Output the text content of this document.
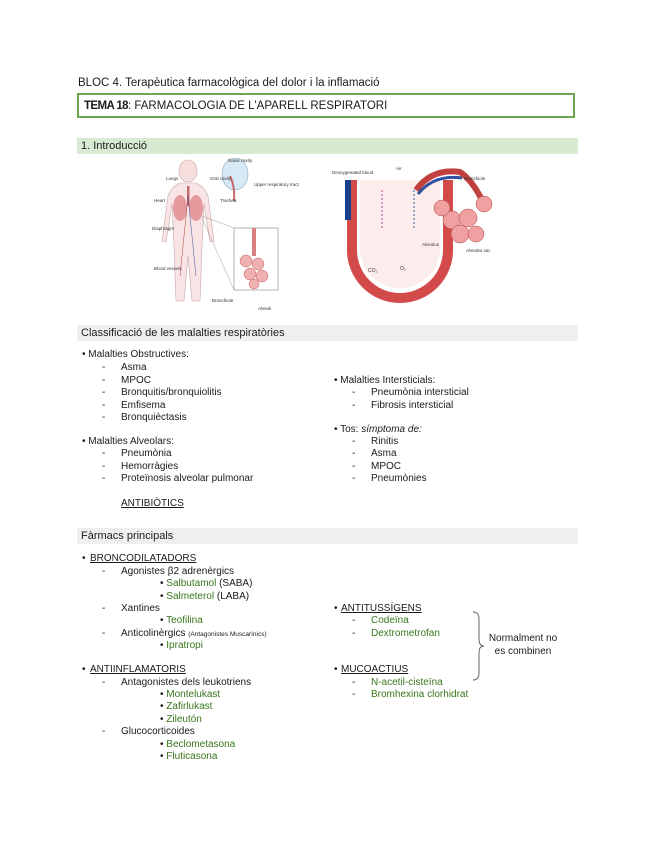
BLOC 4. Terapèutica farmacològica del dolor i la inflamació
TEMA 18: FARMACOLOGIA DE L'APARELL RESPIRATORI
1. Introducció
Lungs
Nasal cavity
Oral cavity
Upper respiratory tract
Trachea
Heart
Diaphragm
Blood vessels
Bronchiole
Alveoli
Deoxygenated blood
Air
Bronchiole
O₂
CO₂
Alveolus
Alveolar sac
Classificació de les malalties respiratòries
• Malalties Obstructives:
- Asma
- MPOC
- Bronquitis/bronquiolitis
- Emfisema
- Bronquièctasis
• Malalties Alveolars:
- Pneumònia
- Hemorràgies
- Proteïnosis alveolar pulmonar
ANTIBIÒTICS
• Malalties Intersticials:
- Pneumònia intersticial
- Fibrosis intersticial
• Tos: símptoma de:
- Rinitis
- Asma
- MPOC
- Pneumònies
Fàrmacs principals
• BRONCODILATADORS
- Agonistes β2 adrenèrgics
• Salbutamol (SABA)
• Salmeterol (LABA)
- Xantines
• Teofilina
- Anticolinèrgics (Antagonistes Muscarínics)
• Ipratropi
• ANTIINFLAMATORIS
- Antagonistes dels leukotriens
• Montelukast
• Zafirlukast
• Zileutón
- Glucocorticoides
• Beclometasona
• Fluticasona
• ANTITUSSÍGENS
- Codeïna
- Dextrometrofan
• MUCOACTIUS
- N-acetil-cisteïna
- Bromhexina clorhidrat
Normalment no
es combinen
